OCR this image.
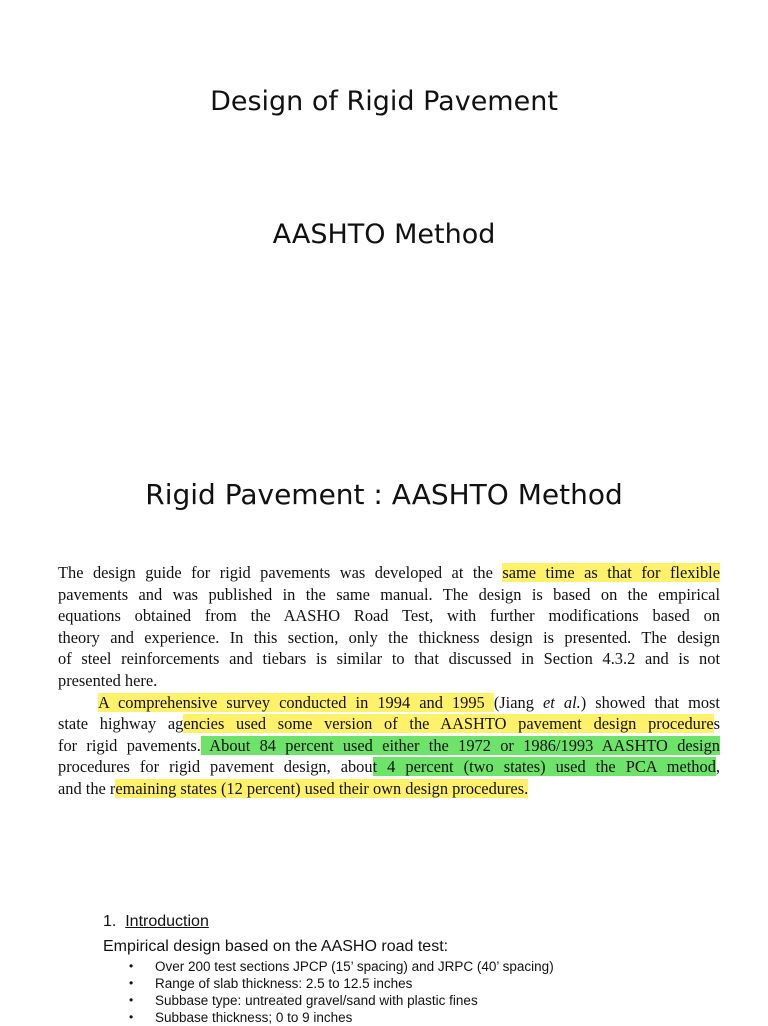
Design of Rigid Pavement
AASHTO Method
Rigid Pavement : AASHTO Method
The design guide for rigid pavements was developed at the same time as that for flexible
pavements and was published in the same manual. The design is based on the empirical
equations obtained from the AASHO Road Test, with further modifications based on
theory and experience. In this section, only the thickness design is presented. The design
of steel reinforcements and tiebars is similar to that discussed in Section 4.3.2 and is not
presented here.
A comprehensive survey conducted in 1994 and 1995 (Jiang et al.) showed that most
state highway agencies used some version of the AASHTO pavement design procedures
for rigid pavements. About 84 percent used either the 1972 or 1986/1993 AASHTO design
procedures for rigid pavement design, about 4 percent (two states) used the PCA method,
and the remaining states (12 percent) used their own design procedures.
1. Introduction
Empirical design based on the AASHO road test:
• Over 200 test sections JPCP (15’ spacing) and JRPC (40’ spacing)
• Range of slab thickness: 2.5 to 12.5 inches
• Subbase type: untreated gravel/sand with plastic fines
• Subbase thickness; 0 to 9 inches
